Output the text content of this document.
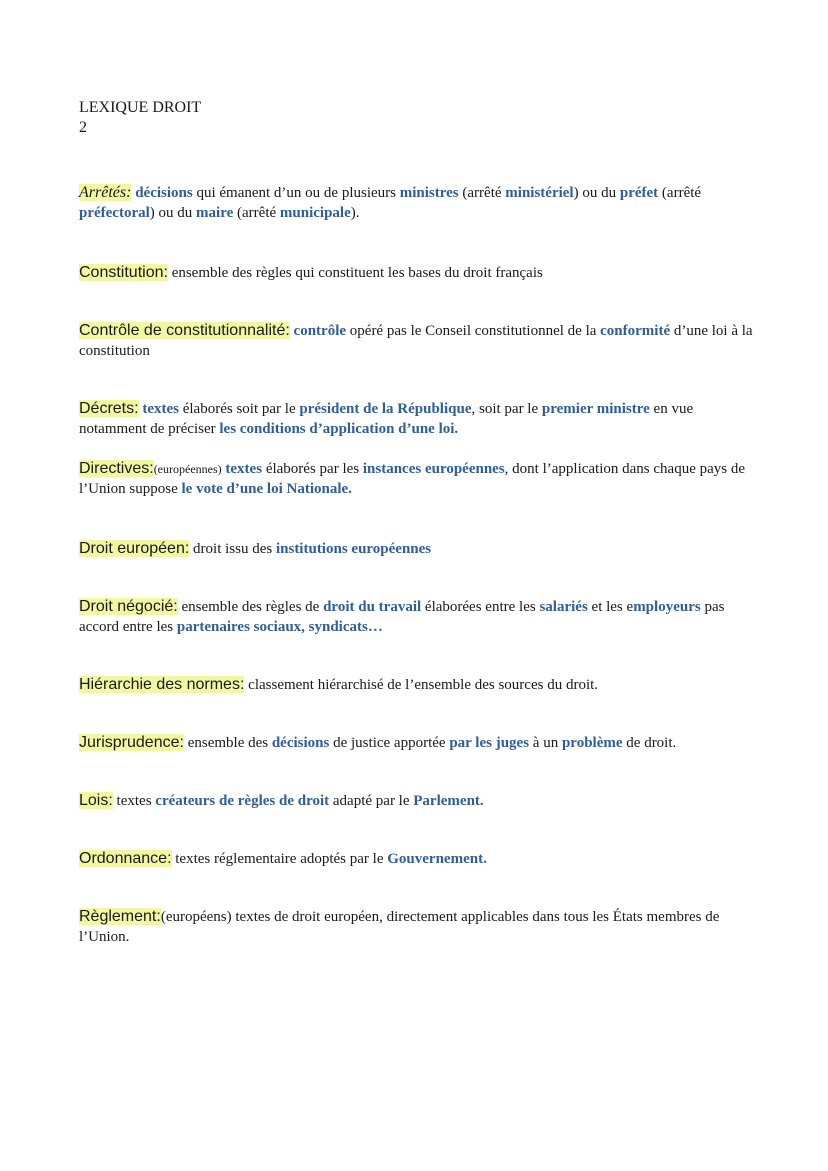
LEXIQUE DROIT

2

Arrêtés: décisions qui émanent d’un ou de plusieurs ministres (arrêté ministériel) ou du préfet (arrêté préfectoral) ou du maire (arrêté municipale).

Constitution: ensemble des règles qui constituent les bases du droit français

Contrôle de constitutionnalité: contrôle opéré pas le Conseil constitutionnel de la conformité d’une loi à la constitution

Décrets: textes élaborés soit par le président de la République, soit par le premier ministre en vue notamment de préciser les conditions d’application d’une loi.

Directives:(européennes) textes élaborés par les instances européennes, dont l’application dans chaque pays de l’Union suppose le vote d’une loi Nationale.

Droit européen: droit issu des institutions européennes

Droit négocié: ensemble des règles de droit du travail élaborées entre les salariés et les employeurs pas accord entre les partenaires sociaux, syndicats…

Hiérarchie des normes: classement hiérarchisé de l’ensemble des sources du droit.

Jurisprudence: ensemble des décisions de justice apportée par les juges à un problème de droit.

Lois: textes créateurs de règles de droit adapté par le Parlement.

Ordonnance: textes réglementaire adoptés par le Gouvernement.

Règlement:(européens) textes de droit européen, directement applicables dans tous les États membres de l’Union.
